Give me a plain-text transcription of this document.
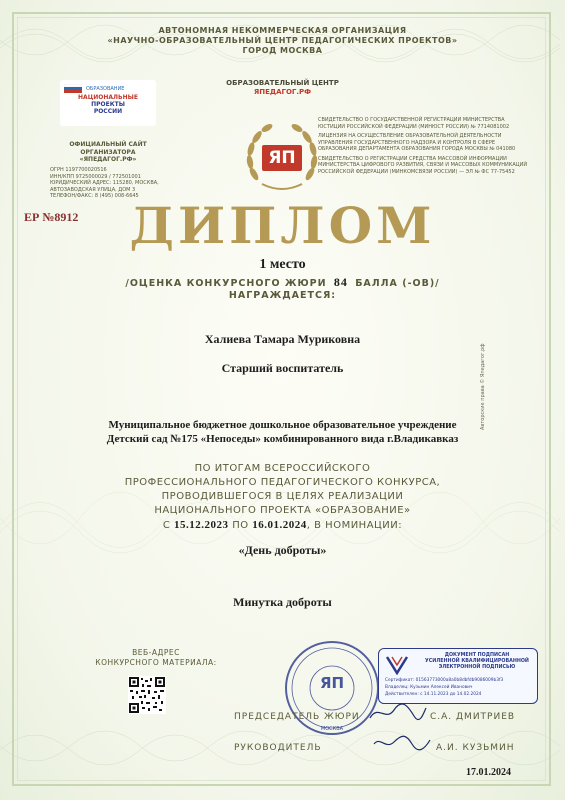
АВТОНОМНАЯ НЕКОММЕРЧЕСКАЯ ОРГАНИЗАЦИЯ
«НАУЧНО-ОБРАЗОВАТЕЛЬНЫЙ ЦЕНТР ПЕДАГОГИЧЕСКИХ ПРОЕКТОВ»
ГОРОД МОСКВА
ОБРАЗОВАТЕЛЬНЫЙ ЦЕНТР
ЯПЕДАГОГ.РФ
ОБРАЗОВАНИЕ
НАЦИОНАЛЬНЫЕ
ПРОЕКТЫ
РОССИИ
ОФИЦИАЛЬНЫЙ САЙТ
ОРГАНИЗАТОРА
«ЯПЕДАГОГ.РФ»
ОГРН 1197700020516
ИНН/КПП 9725000029 / 772501001
ЮРИДИЧЕСКИЙ АДРЕС: 115280, МОСКВА,
АВТОЗАВОДСКАЯ УЛИЦА, ДОМ 3
ТЕЛЕФОН/ФАКС: 8 (495) 008-6645
ЯП
СВИДЕТЕЛЬСТВО О ГОСУДАРСТВЕННОЙ РЕГИСТРАЦИИ МИНИСТЕРСТВА ЮСТИЦИИ РОССИЙСКОЙ ФЕДЕРАЦИИ (МИНЮСТ РОССИИ) № 7714081002
ЛИЦЕНЗИЯ НА ОСУЩЕСТВЛЕНИЕ ОБРАЗОВАТЕЛЬНОЙ ДЕЯТЕЛЬНОСТИ УПРАВЛЕНИЯ ГОСУДАРСТВЕННОГО НАДЗОРА И КОНТРОЛЯ В СФЕРЕ ОБРАЗОВАНИЯ ДЕПАРТАМЕНТА ОБРАЗОВАНИЯ ГОРОДА МОСКВЫ № 041080
СВИДЕТЕЛЬСТВО О РЕГИСТРАЦИИ СРЕДСТВА МАССОВОЙ ИНФОРМАЦИИ МИНИСТЕРСТВА ЦИФРОВОГО РАЗВИТИЯ, СВЯЗИ И МАССОВЫХ КОММУНИКАЦИЙ РОССИЙСКОЙ ФЕДЕРАЦИИ (МИНКОМСВЯЗИ РОССИИ) — ЭЛ № ФС 77-75452
ЕР №8912	ДИПЛОМ
1 место
/ОЦЕНКА КОНКУРСНОГО ЖЮРИ 84 БАЛЛА (-ОВ)/
НАГРАЖДАЕТСЯ:
Халиева Тамара Муриковна
Старший воспитатель
Муниципальное бюджетное дошкольное образовательное учреждение
Детский сад №175 «Непоседы» комбинированного вида г.Владикавказ
ПО ИТОГАМ ВСЕРОССИЙСКОГО
ПРОФЕССИОНАЛЬНОГО ПЕДАГОГИЧЕСКОГО КОНКУРСА,
ПРОВОДИВШЕГОСЯ В ЦЕЛЯХ РЕАЛИЗАЦИИ
НАЦИОНАЛЬНОГО ПРОЕКТА «ОБРАЗОВАНИЕ»
С 15.12.2023 ПО 16.01.2024, В НОМИНАЦИИ:
«День доброты»
Минутка доброты
ВЕБ-АДРЕС
КОНКУРСНОГО МАТЕРИАЛА:
ЯП
МОСКВА
ДОКУМЕНТ ПОДПИСАН
УСИЛЕННОЙ КВАЛИФИЦИРОВАННОЙ
ЭЛЕКТРОННОЙ ПОДПИСЬЮ
Сертификат: 01563773000a8a0b8dbfdb9086009b3f3
Владелец: Кузьмин Алексей Иванович
Действителен: с 14.11.2023 до 14.02.2024
ПРЕДСЕДАТЕЛЬ ЖЮРИ	С.А. ДМИТРИЕВ
РУКОВОДИТЕЛЬ	А.И. КУЗЬМИН
17.01.2024
Авторские права © Япедагог.рф
